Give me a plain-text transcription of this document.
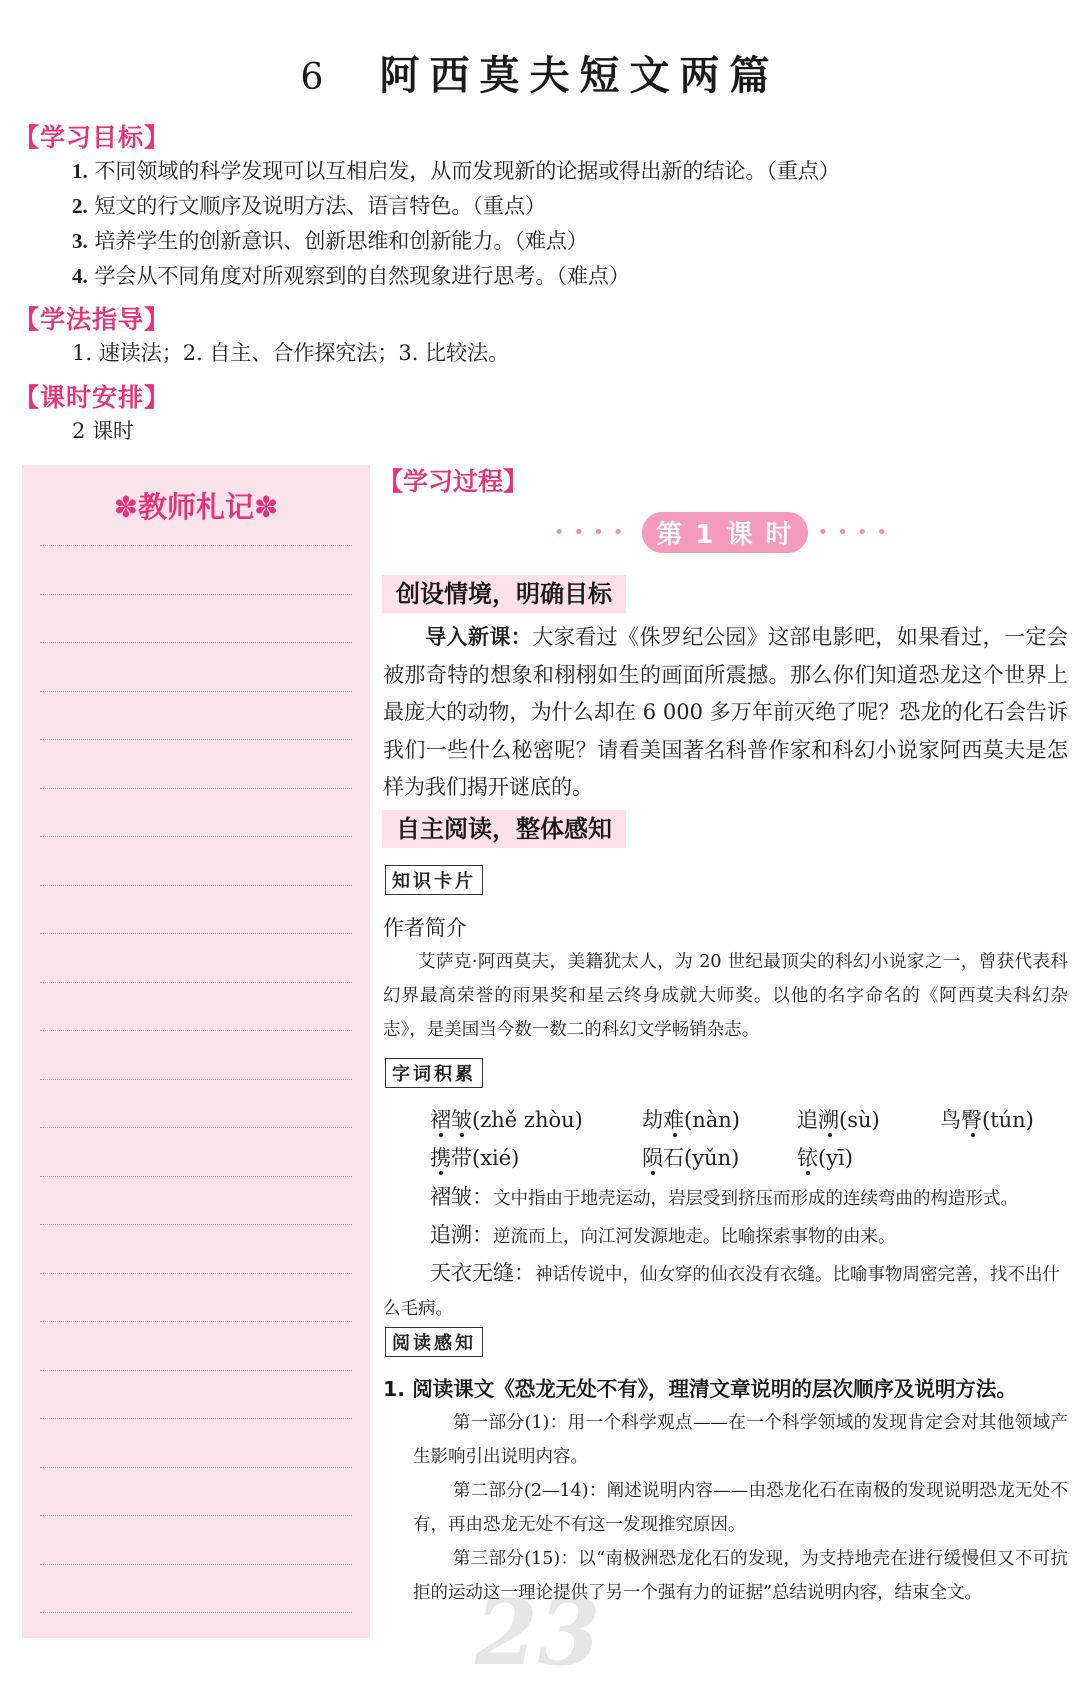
6 阿西莫夫短文两篇
【学习目标】
1. 不同领域的科学发现可以互相启发，从而发现新的论据或得出新的结论。（重点）
2. 短文的行文顺序及说明方法、语言特色。（重点）
3. 培养学生的创新意识、创新思维和创新能力。（难点）
4. 学会从不同角度对所观察到的自然现象进行思考。（难点）
【学法指导】
1. 速读法；2. 自主、合作探究法；3. 比较法。
【课时安排】
2 课时
✽教师札记✽
【学习过程】
•••• 第 1 课 时	••••
创设情境，明确目标
导入新课：大家看过《侏罗纪公园》这部电影吧，如果看过，一定会被那奇特的想象和栩栩如生的画面所震撼。那么你们知道恐龙这个世界上最庞大的动物，为什么却在 6 000 多万年前灭绝了呢？恐龙的化石会告诉我们一些什么秘密呢？请看美国著名科普作家和科幻小说家阿西莫夫是怎样为我们揭开谜底的。
自主阅读，整体感知
知识卡片
作者简介
艾萨克·阿西莫夫，美籍犹太人，为 20 世纪最顶尖的科幻小说家之一，曾获代表科幻界最高荣誉的雨果奖和星云终身成就大师奖。以他的名字命名的《阿西莫夫科幻杂志》，是美国当今数一数二的科幻文学畅销杂志。
字词积累
褶皱(zhě zhòu)	劫难(nàn)	追溯(sù)	鸟臀(tún)
携带(xié)	陨石(yǔn)	铱(yī)
褶皱：文中指由于地壳运动，岩层受到挤压而形成的连续弯曲的构造形式。
追溯：逆流而上，向江河发源地走。比喻探索事物的由来。
天衣无缝：神话传说中，仙女穿的仙衣没有衣缝。比喻事物周密完善，找不出什么毛病。
阅读感知
1. 阅读课文《恐龙无处不有》，理清文章说明的层次顺序及说明方法。
第一部分(1)：用一个科学观点——在一个科学领域的发现肯定会对其他领域产生影响引出说明内容。
第二部分(2—14)：阐述说明内容——由恐龙化石在南极的发现说明恐龙无处不有，再由恐龙无处不有这一发现推究原因。
23
第三部分(15)：以“南极洲恐龙化石的发现，为支持地壳在进行缓慢但又不可抗拒的运动这一理论提供了另一个强有力的证据”总结说明内容，结束全文。
